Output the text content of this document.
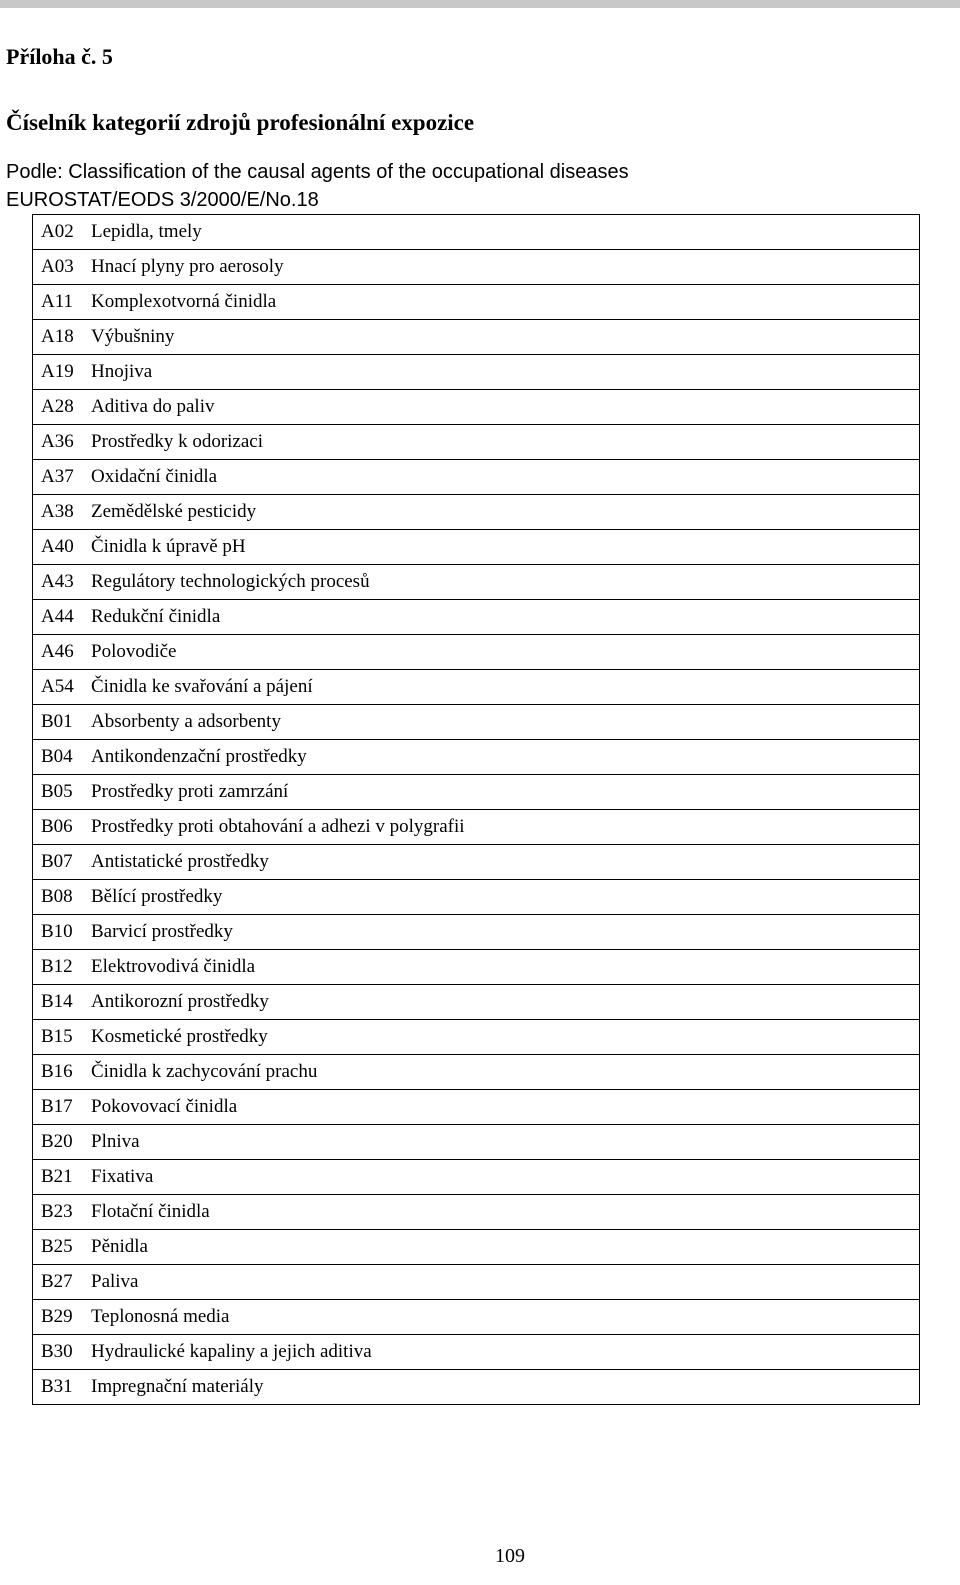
Příloha č. 5
Číselník kategorií zdrojů profesionální expozice
Podle: Classification of the causal agents of the occupational diseases
EUROSTAT/EODS 3/2000/E/No.18
A02	Lepidla, tmely
A03	Hnací plyny pro aerosoly
A11	Komplexotvorná činidla
A18	Výbušniny
A19	Hnojiva
A28	Aditiva do paliv
A36	Prostředky k odorizaci
A37	Oxidační činidla
A38	Zemědělské pesticidy
A40	Činidla k úpravě pH
A43	Regulátory technologických procesů
A44	Redukční činidla
A46	Polovodiče
A54	Činidla ke svařování a pájení
B01	Absorbenty a adsorbenty
B04	Antikondenzační prostředky
B05	Prostředky proti zamrzání
B06	Prostředky proti obtahování a adhezi v polygrafii
B07	Antistatické prostředky
B08	Bělící prostředky
B10	Barvicí prostředky
B12	Elektrovodivá činidla
B14	Antikorozní prostředky
B15	Kosmetické prostředky
B16	Činidla k zachycování prachu
B17	Pokovovací činidla
B20	Plniva
B21	Fixativa
B23	Flotační činidla
B25	Pěnidla
B27	Paliva
B29	Teplonosná media
B30	Hydraulické kapaliny a jejich aditiva
B31	Impregnační materiály
109
